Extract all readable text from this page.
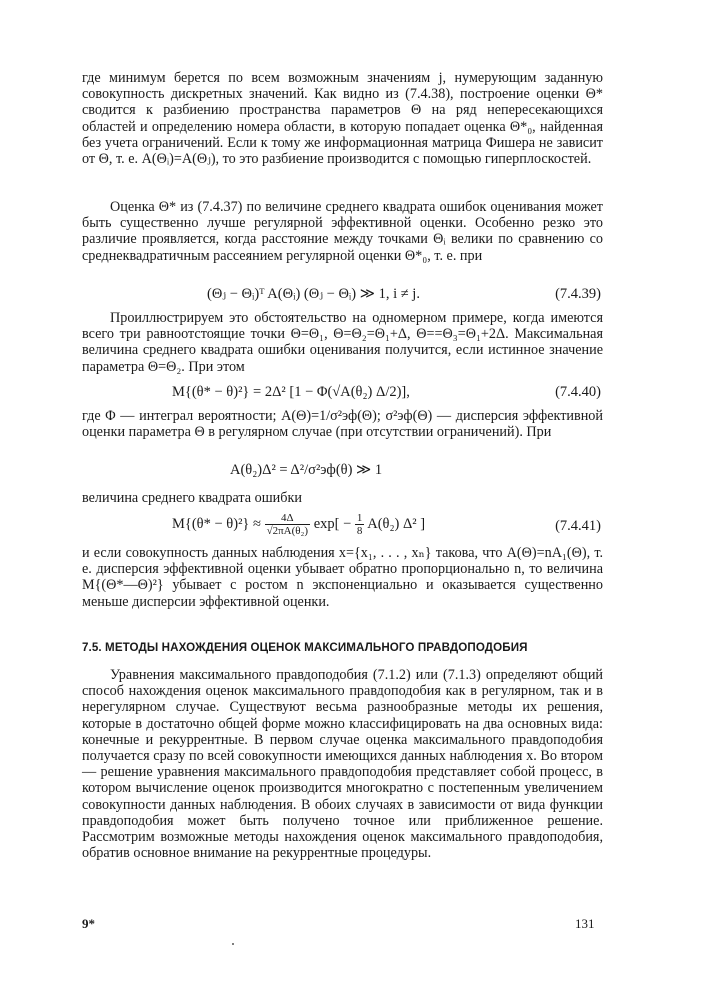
где минимум берется по всем возможным значениям j, нумерующим заданную совокупность дискретных значений. Как видно из (7.4.38), построение оценки Θ* сводится к разбиению пространства параметров Θ на ряд непересекающихся областей и определению номера области, в которую попадает оценка Θ*₀, найденная без учета ограничений. Если к тому же информационная матрица Фишера не зависит от Θ, т. е. A(Θᵢ)=A(Θⱼ), то это разбиение производится с помощью гиперплоскостей.

Оценка Θ* из (7.4.37) по величине среднего квадрата ошибок оценивания может быть существенно лучше регулярной эффективной оценки. Особенно резко это различие проявляется, когда расстояние между точками Θᵢ велики по сравнению со среднеквадратичным рассеянием регулярной оценки Θ*₀, т. е. при

(Θⱼ − Θᵢ)ᵀ A(Θᵢ) (Θⱼ − Θᵢ) ≫ 1, i ≠ j.	(7.4.39)

Проиллюстрируем это обстоятельство на одномерном примере, когда имеются всего три равноотстоящие точки Θ=Θ₁, Θ=Θ₂=Θ₁+Δ, Θ==Θ₃=Θ₁+2Δ. Максимальная величина среднего квадрата ошибки оценивания получится, если истинное значение параметра Θ=Θ₂. При этом

M{(θ* − θ)²} = 2Δ² [1 − Φ(√A(θ₂) Δ/2)],	(7.4.40)

где Φ — интеграл вероятности; A(Θ)=1/σ²эф(Θ); σ²эф(Θ) — дисперсия эффективной оценки параметра Θ в регулярном случае (при отсутствии ограничений). При

A(θ₂)Δ² = Δ²/σ²эф(θ) ≫ 1

величина среднего квадрата ошибки

$M\{(\theta* - \theta)^2\} \approx \frac{4\Delta}{\text{√2πA(θ₂)}} \exp[ - \frac{1}{8} A(\theta_2)$ Δ² ]	(7.4.41)

и если совокупность данных наблюдения x={x₁, . . . , xₙ} такова, что A(Θ)=nA₁(Θ), т. е. дисперсия эффективной оценки убывает обратно пропорционально n, то величина M{(Θ*—Θ)²} убывает с ростом n экспоненциально и оказывается существенно меньше дисперсии эффективной оценки.

7.5. МЕТОДЫ НАХОЖДЕНИЯ ОЦЕНОК МАКСИМАЛЬНОГО ПРАВДОПОДОБИЯ

Уравнения максимального правдоподобия (7.1.2) или (7.1.3) определяют общий способ нахождения оценок максимального правдоподобия как в регулярном, так и в нерегулярном случае. Существуют весьма разнообразные методы их решения, которые в достаточно общей форме можно классифицировать на два основных вида: конечные и рекуррентные. В первом случае оценка максимального правдоподобия получается сразу по всей совокупности имеющихся данных наблюдения x. Во втором — решение уравнения максимального правдоподобия представляет собой процесс, в котором вычисление оценок производится многократно с постепенным увеличением совокупности данных наблюдения. В обоих случаях в зависимости от вида функции правдоподобия может быть получено точное или приближенное решение. Рассмотрим возможные методы нахождения оценок максимального правдоподобия, обратив основное внимание на рекуррентные процедуры.

9*	131
